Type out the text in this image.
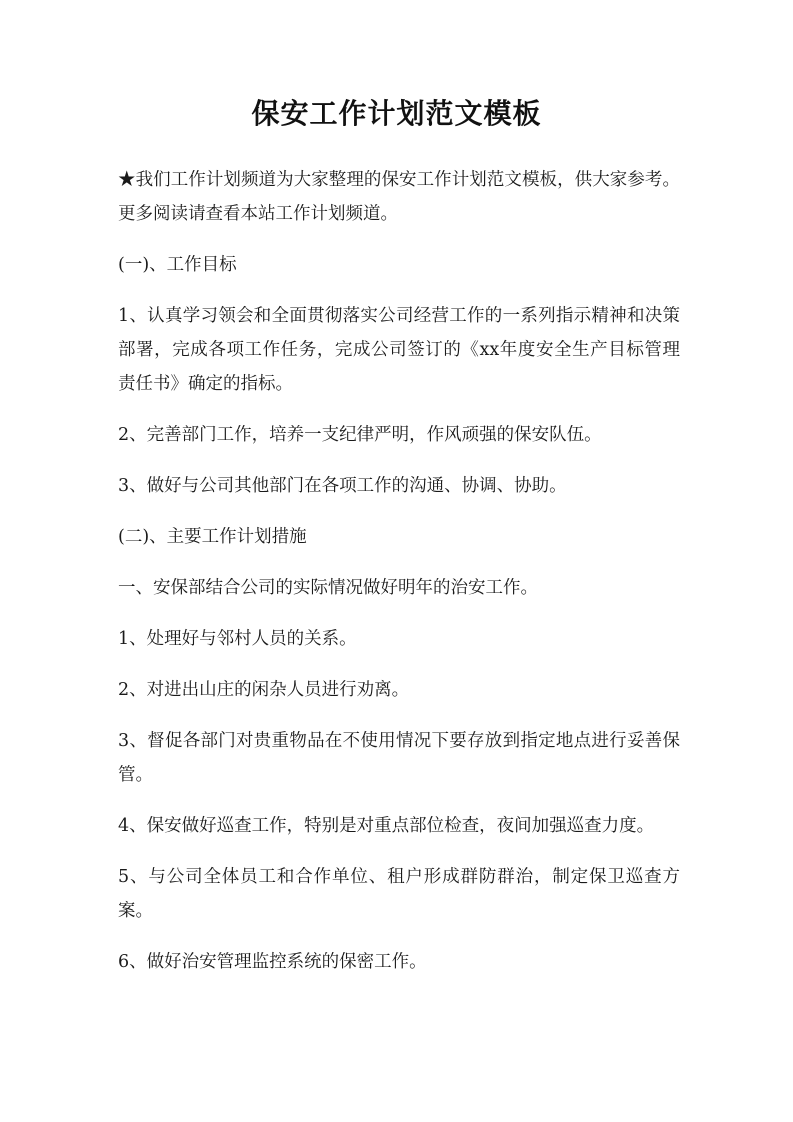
保安工作计划范文模板

★我们工作计划频道为大家整理的保安工作计划范文模板，供大家参考。更多阅读请查看本站工作计划频道。

(一)、工作目标

1、认真学习领会和全面贯彻落实公司经营工作的一系列指示精神和决策部署，完成各项工作任务，完成公司签订的《xx年度安全生产目标管理责任书》确定的指标。

2、完善部门工作，培养一支纪律严明，作风顽强的保安队伍。

3、做好与公司其他部门在各项工作的沟通、协调、协助。

(二)、主要工作计划措施

一、安保部结合公司的实际情况做好明年的治安工作。

1、处理好与邻村人员的关系。

2、对进出山庄的闲杂人员进行劝离。

3、督促各部门对贵重物品在不使用情况下要存放到指定地点进行妥善保管。

4、保安做好巡查工作，特别是对重点部位检查，夜间加强巡查力度。

5、与公司全体员工和合作单位、租户形成群防群治，制定保卫巡查方案。

6、做好治安管理监控系统的保密工作。
